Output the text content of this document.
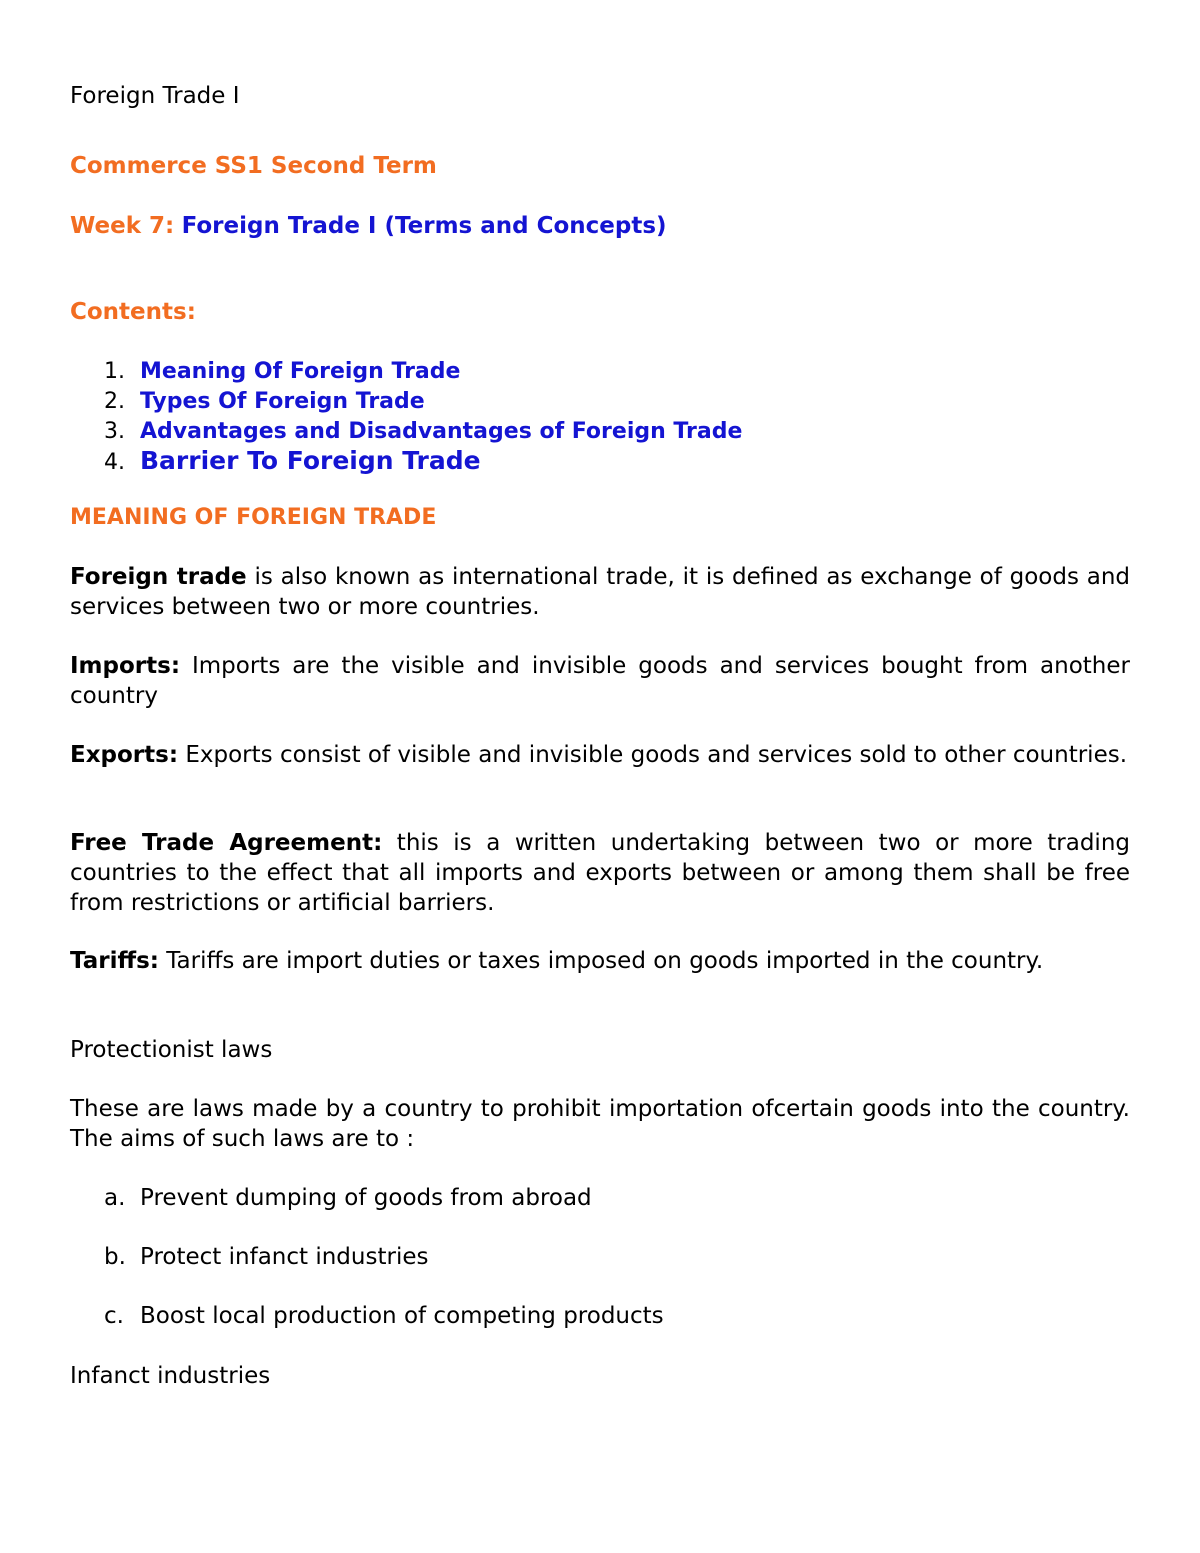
Foreign Trade I
Commerce SS1 Second Term
Week 7: Foreign Trade I (Terms and Concepts)
Contents:
1. Meaning Of Foreign Trade
2. Types Of Foreign Trade
3. Advantages and Disadvantages of Foreign Trade
4. Barrier To Foreign Trade
MEANING OF FOREIGN TRADE
Foreign trade is also known as international trade, it is defined as exchange of goods and services between two or more countries.
Imports: Imports are the visible and invisible goods and services bought from another country
Exports: Exports consist of visible and invisible goods and services sold to other countries.
Free Trade Agreement: this is a written undertaking between two or more trading countries to the effect that all imports and exports between or among them shall be free from restrictions or artificial barriers.
Tariffs: Tariffs are import duties or taxes imposed on goods imported in the country.
Protectionist laws
These are laws made by a country to prohibit importation ofcertain goods into the country. The aims of such laws are to :
a. Prevent dumping of goods from abroad
b. Protect infanct industries
c. Boost local production of competing products
Infanct industries
